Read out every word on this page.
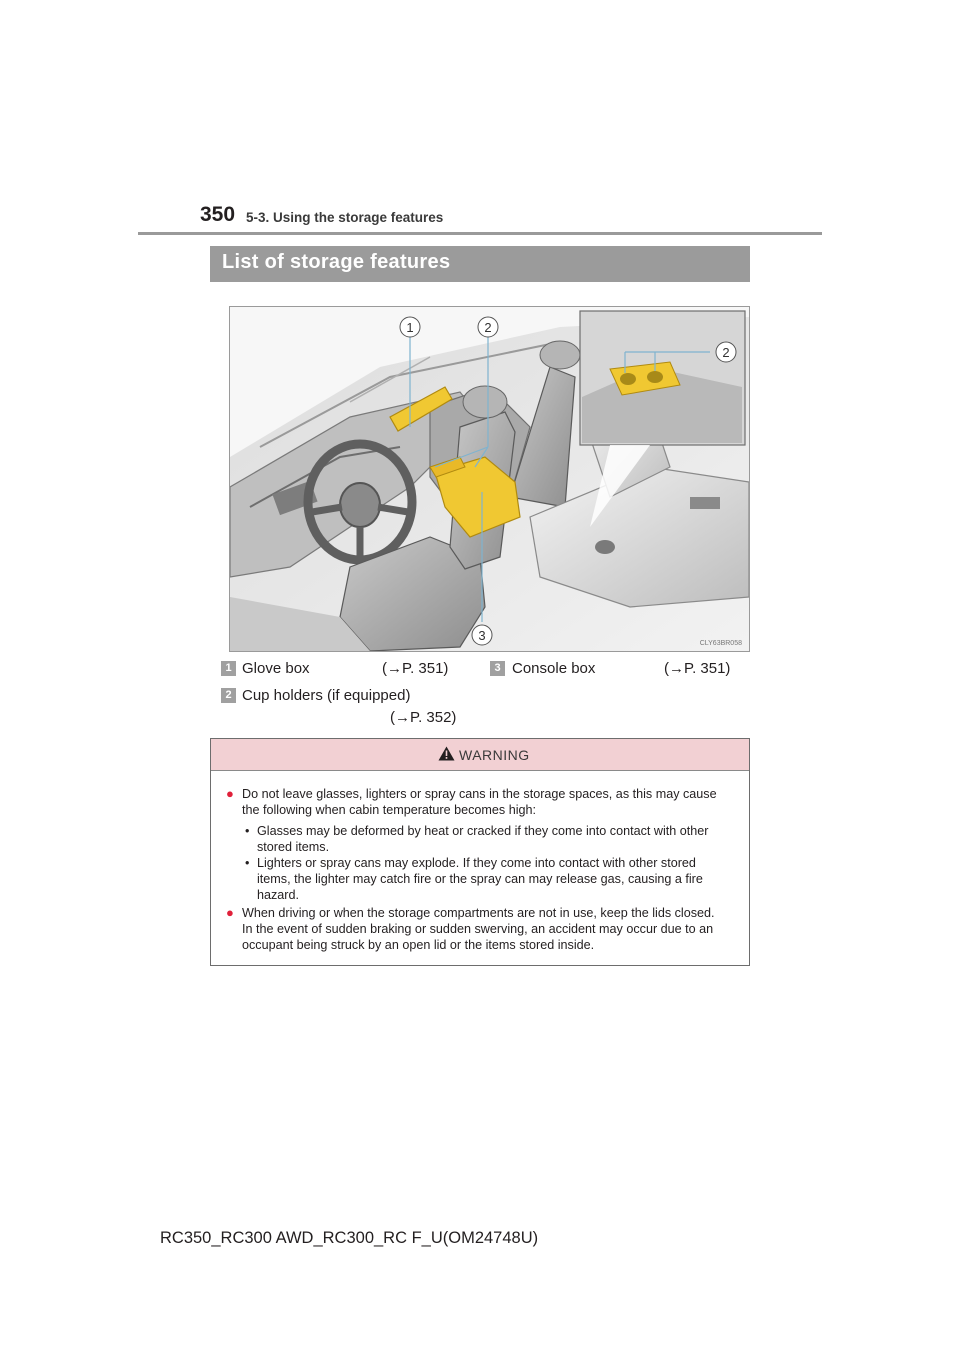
350 5-3. Using the storage features
List of storage features
1	2
3
2
CLY63BR058
1 Glove box	(→P. 351)
2 Cup holders (if equipped)
(→P. 352)
3 Console box	(→P. 351)
WARNING
● Do not leave glasses, lighters or spray cans in the storage spaces, as this may cause
the following when cabin temperature becomes high:
• Glasses may be deformed by heat or cracked if they come into contact with other
stored items.
• Lighters or spray cans may explode. If they come into contact with other stored
items, the lighter may catch fire or the spray can may release gas, causing a fire
hazard.
● When driving or when the storage compartments are not in use, keep the lids closed.
In the event of sudden braking or sudden swerving, an accident may occur due to an
occupant being struck by an open lid or the items stored inside.
RC350_RC300 AWD_RC300_RC F_U(OM24748U)
